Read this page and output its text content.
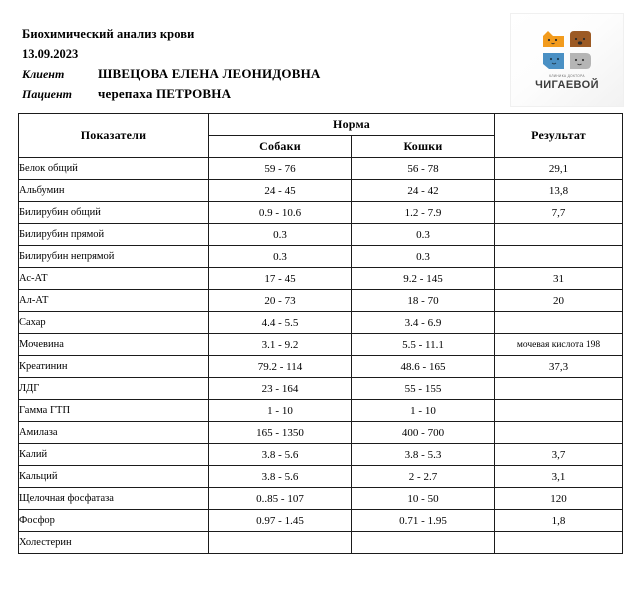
Биохимический анализ крови
13.09.2023
Клиент	ШВЕЦОВА ЕЛЕНА ЛЕОНИДОВНА
Пациент	черепаха ПЕТРОВНА
КЛИНИКА ДОКТОРА
ЧИГАЕВОЙ
Показатели	Норма		Результат
	Собаки	Кошки	
Белок общий	59 - 76	56 - 78	29,1
Альбумин	24 - 45	24 - 42	13,8
Билирубин общий	0.9 - 10.6	1.2 - 7.9	7,7
Билирубин прямой	0.3	0.3	
Билирубин непрямой	0.3	0.3	
Ас-АТ	17 - 45	9.2 - 145	31
Ал-АТ	20 - 73	18 - 70	20
Сахар	4.4 - 5.5	3.4 - 6.9	
Мочевина	3.1 - 9.2	5.5 - 11.1	мочевая кислота 198
Креатинин	79.2 - 114	48.6 - 165	37,3
ЛДГ	23 - 164	55 - 155	
Гамма ГТП	1 - 10	1 - 10	
Амилаза	165 - 1350	400 - 700	
Калий	3.8 - 5.6	3.8 - 5.3	3,7
Кальций	3.8 - 5.6	2 - 2.7	3,1
Щелочная фосфатаза	0..85 - 107	10 - 50	120
Фосфор	0.97 - 1.45	0.71 - 1.95	1,8
Холестерин			
